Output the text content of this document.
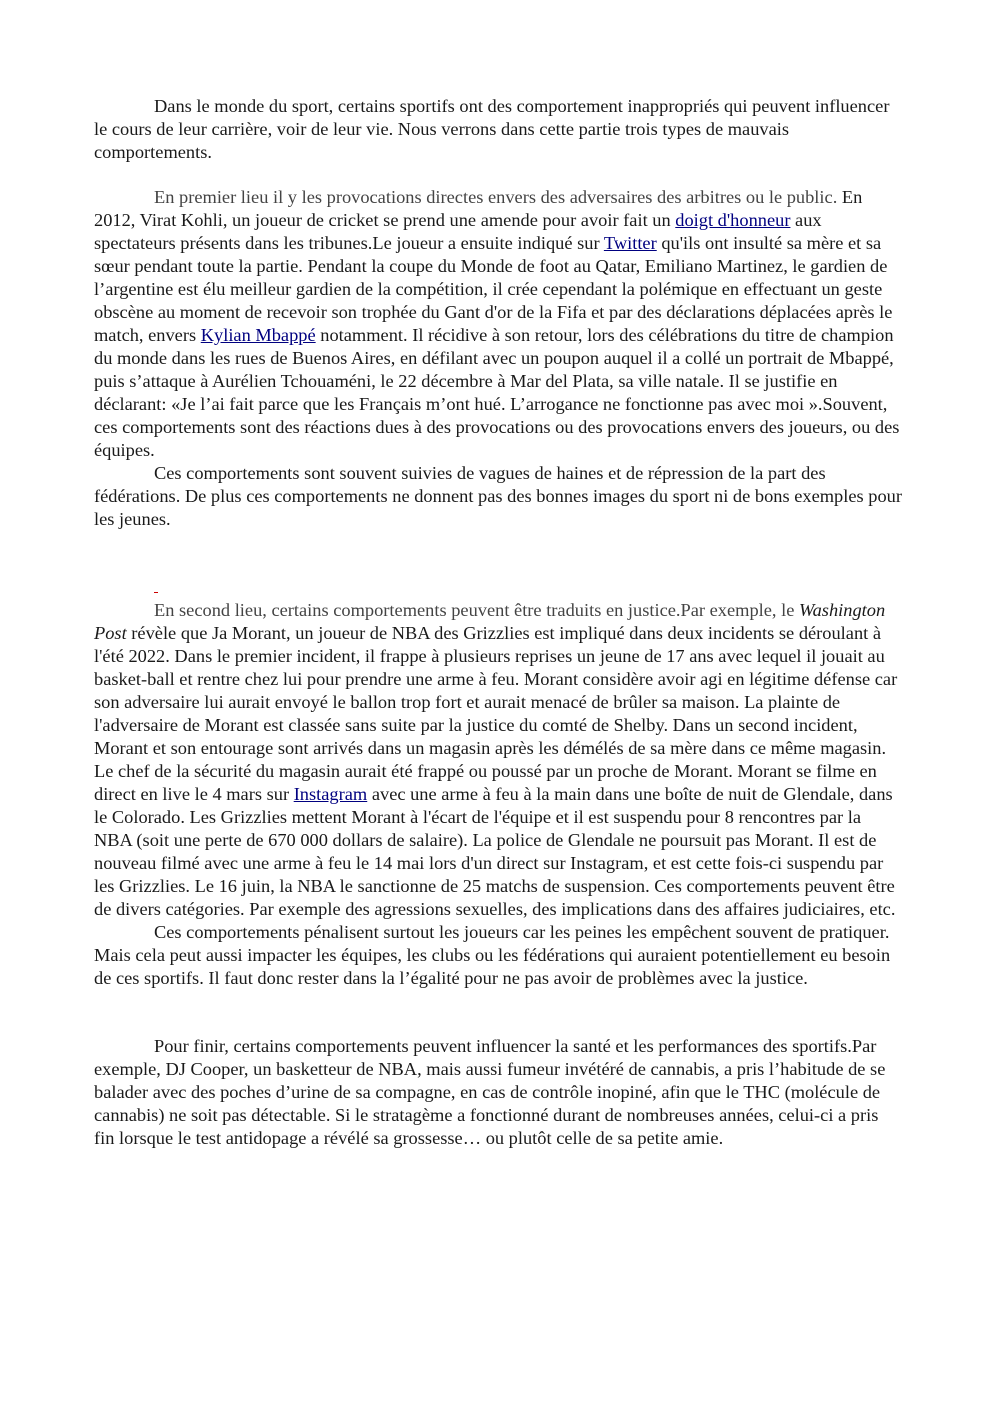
Dans le monde du sport, certains sportifs ont des comportement inappropriés qui peuvent influencer le cours de leur carrière, voir de leur vie. Nous verrons dans cette partie trois types de mauvais comportements.

En premier lieu il y les provocations directes envers des adversaires des arbitres ou le public. En 2012, Virat Kohli, un joueur de cricket se prend une amende pour avoir fait un doigt d'honneur aux spectateurs présents dans les tribunes.Le joueur a ensuite indiqué sur Twitter qu'ils ont insulté sa mère et sa sœur pendant toute la partie. Pendant la coupe du Monde de foot au Qatar, Emiliano Martinez, le gardien de l’argentine est élu meilleur gardien de la compétition, il crée cependant la polémique en effectuant un geste obscène au moment de recevoir son trophée du Gant d'or de la Fifa et par des déclarations déplacées après le match, envers Kylian Mbappé notamment. Il récidive à son retour, lors des célébrations du titre de champion du monde dans les rues de Buenos Aires, en défilant avec un poupon auquel il a collé un portrait de Mbappé, puis s’attaque à Aurélien Tchouaméni, le 22 décembre à Mar del Plata, sa ville natale. Il se justifie en déclarant: «Je l’ai fait parce que les Français m’ont hué. L’arrogance ne fonctionne pas avec moi ».Souvent, ces comportements sont des réactions dues à des provocations ou des provocations envers des joueurs, ou des équipes.

Ces comportements sont souvent suivies de vagues de haines et de répression de la part des fédérations. De plus ces comportements ne donnent pas des bonnes images du sport ni de bons exemples pour les jeunes.

En second lieu, certains comportements peuvent être traduits en justice.Par exemple, le Washington Post révèle que Ja Morant, un joueur de NBA des Grizzlies est impliqué dans deux incidents se déroulant à l'été 2022. Dans le premier incident, il frappe à plusieurs reprises un jeune de 17 ans avec lequel il jouait au basket-ball et rentre chez lui pour prendre une arme à feu. Morant considère avoir agi en légitime défense car son adversaire lui aurait envoyé le ballon trop fort et aurait menacé de brûler sa maison. La plainte de l'adversaire de Morant est classée sans suite par la justice du comté de Shelby. Dans un second incident, Morant et son entourage sont arrivés dans un magasin après les démélés de sa mère dans ce même magasin. Le chef de la sécurité du magasin aurait été frappé ou poussé par un proche de Morant. Morant se filme en direct en live le 4 mars sur Instagram avec une arme à feu à la main dans une boîte de nuit de Glendale, dans le Colorado. Les Grizzlies mettent Morant à l'écart de l'équipe et il est suspendu pour 8 rencontres par la NBA (soit une perte de 670 000 dollars de salaire). La police de Glendale ne poursuit pas Morant. Il est de nouveau filmé avec une arme à feu le 14 mai lors d'un direct sur Instagram, et est cette fois-ci suspendu par les Grizzlies. Le 16 juin, la NBA le sanctionne de 25 matchs de suspension. Ces comportements peuvent être de divers catégories. Par exemple des agressions sexuelles, des implications dans des affaires judiciaires, etc.

Ces comportements pénalisent surtout les joueurs car les peines les empêchent souvent de pratiquer. Mais cela peut aussi impacter les équipes, les clubs ou les fédérations qui auraient potentiellement eu besoin de ces sportifs. Il faut donc rester dans la l’égalité pour ne pas avoir de problèmes avec la justice.

Pour finir, certains comportements peuvent influencer la santé et les performances des sportifs.Par exemple, DJ Cooper, un basketteur de NBA, mais aussi fumeur invétéré de cannabis, a pris l’habitude de se balader avec des poches d’urine de sa compagne, en cas de contrôle inopiné, afin que le THC (molécule de cannabis) ne soit pas détectable. Si le stratagème a fonctionné durant de nombreuses années, celui-ci a pris fin lorsque le test antidopage a révélé sa grossesse… ou plutôt celle de sa petite amie.
